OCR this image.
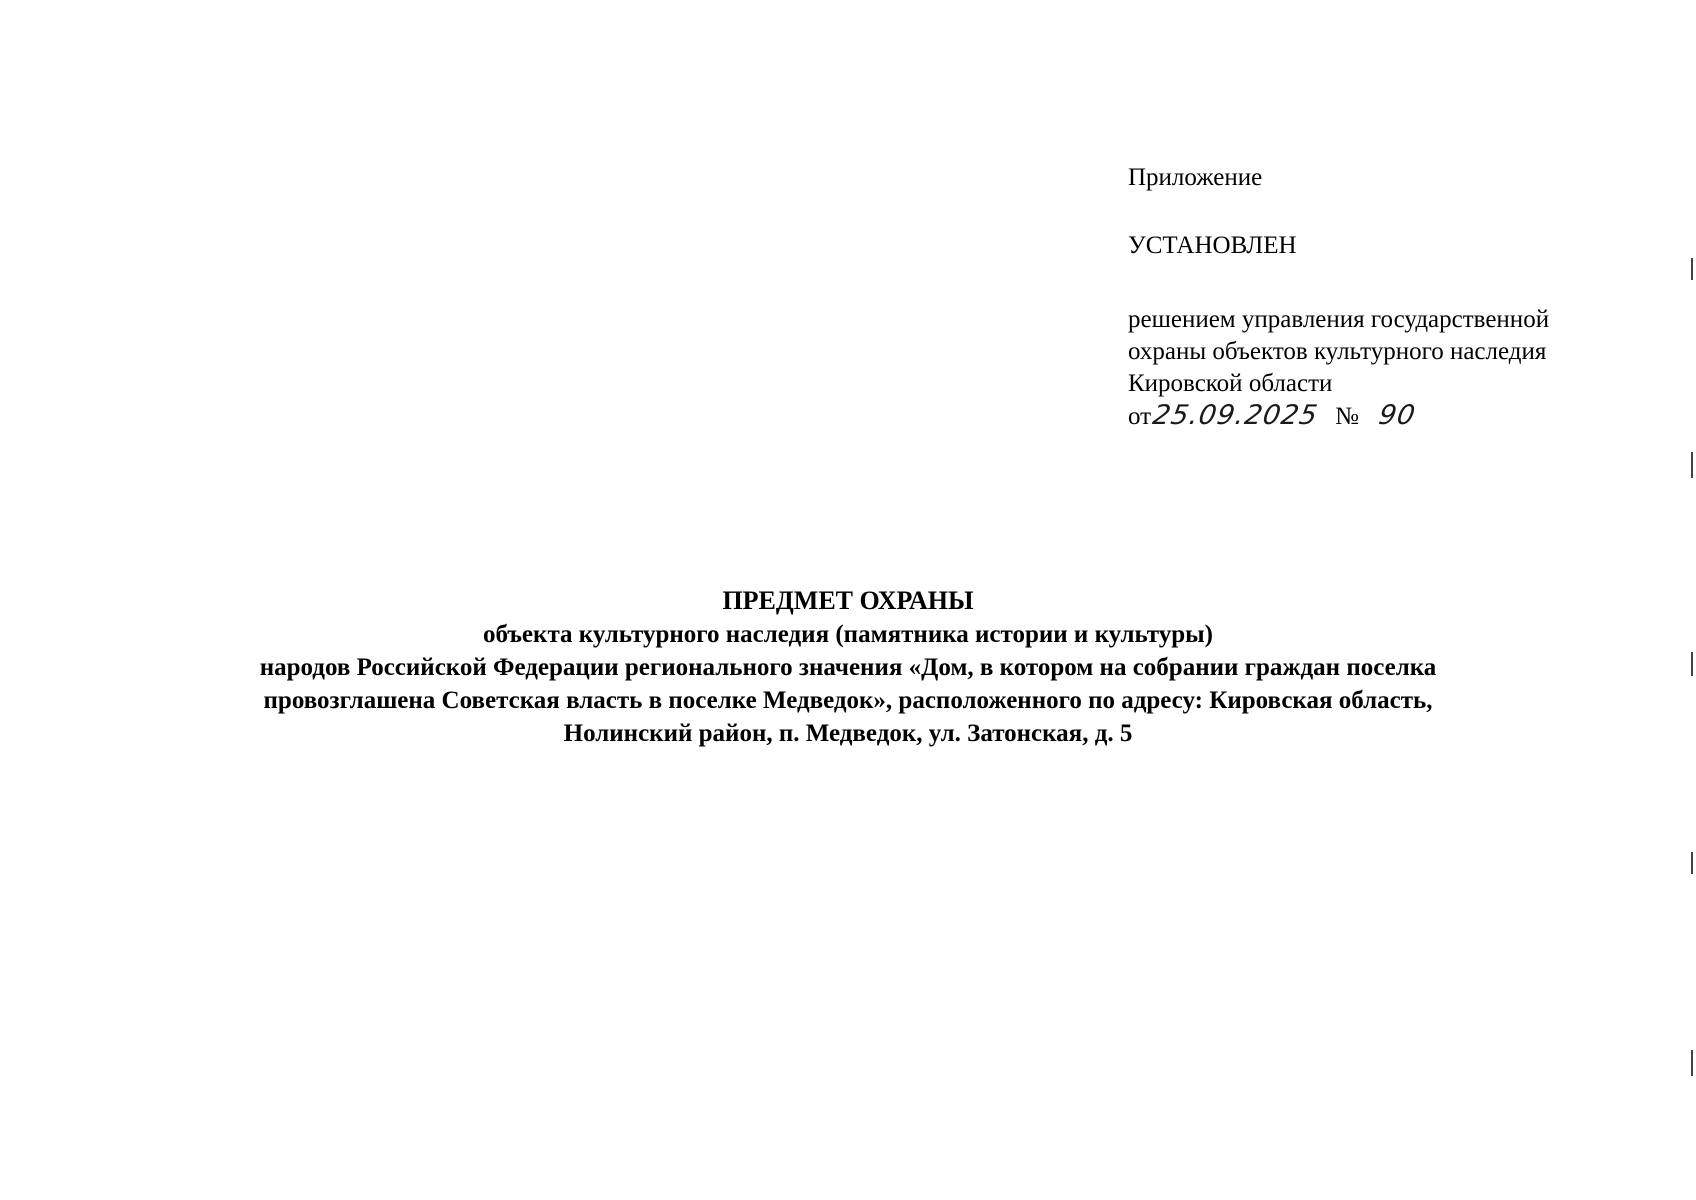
Приложение

УСТАНОВЛЕН

решением управления государственной
охраны объектов культурного наследия
Кировской области

от25.09.2025 № 90
ПРЕДМЕТ ОХРАНЫ
объекта культурного наследия (памятника истории и культуры)
народов Российской Федерации регионального значения «Дом, в котором на собрании граждан поселка
провозглашена Советская власть в поселке Медведок», расположенного по адресу: Кировская область,
Нолинский район, п. Медведок, ул. Затонская, д. 5
